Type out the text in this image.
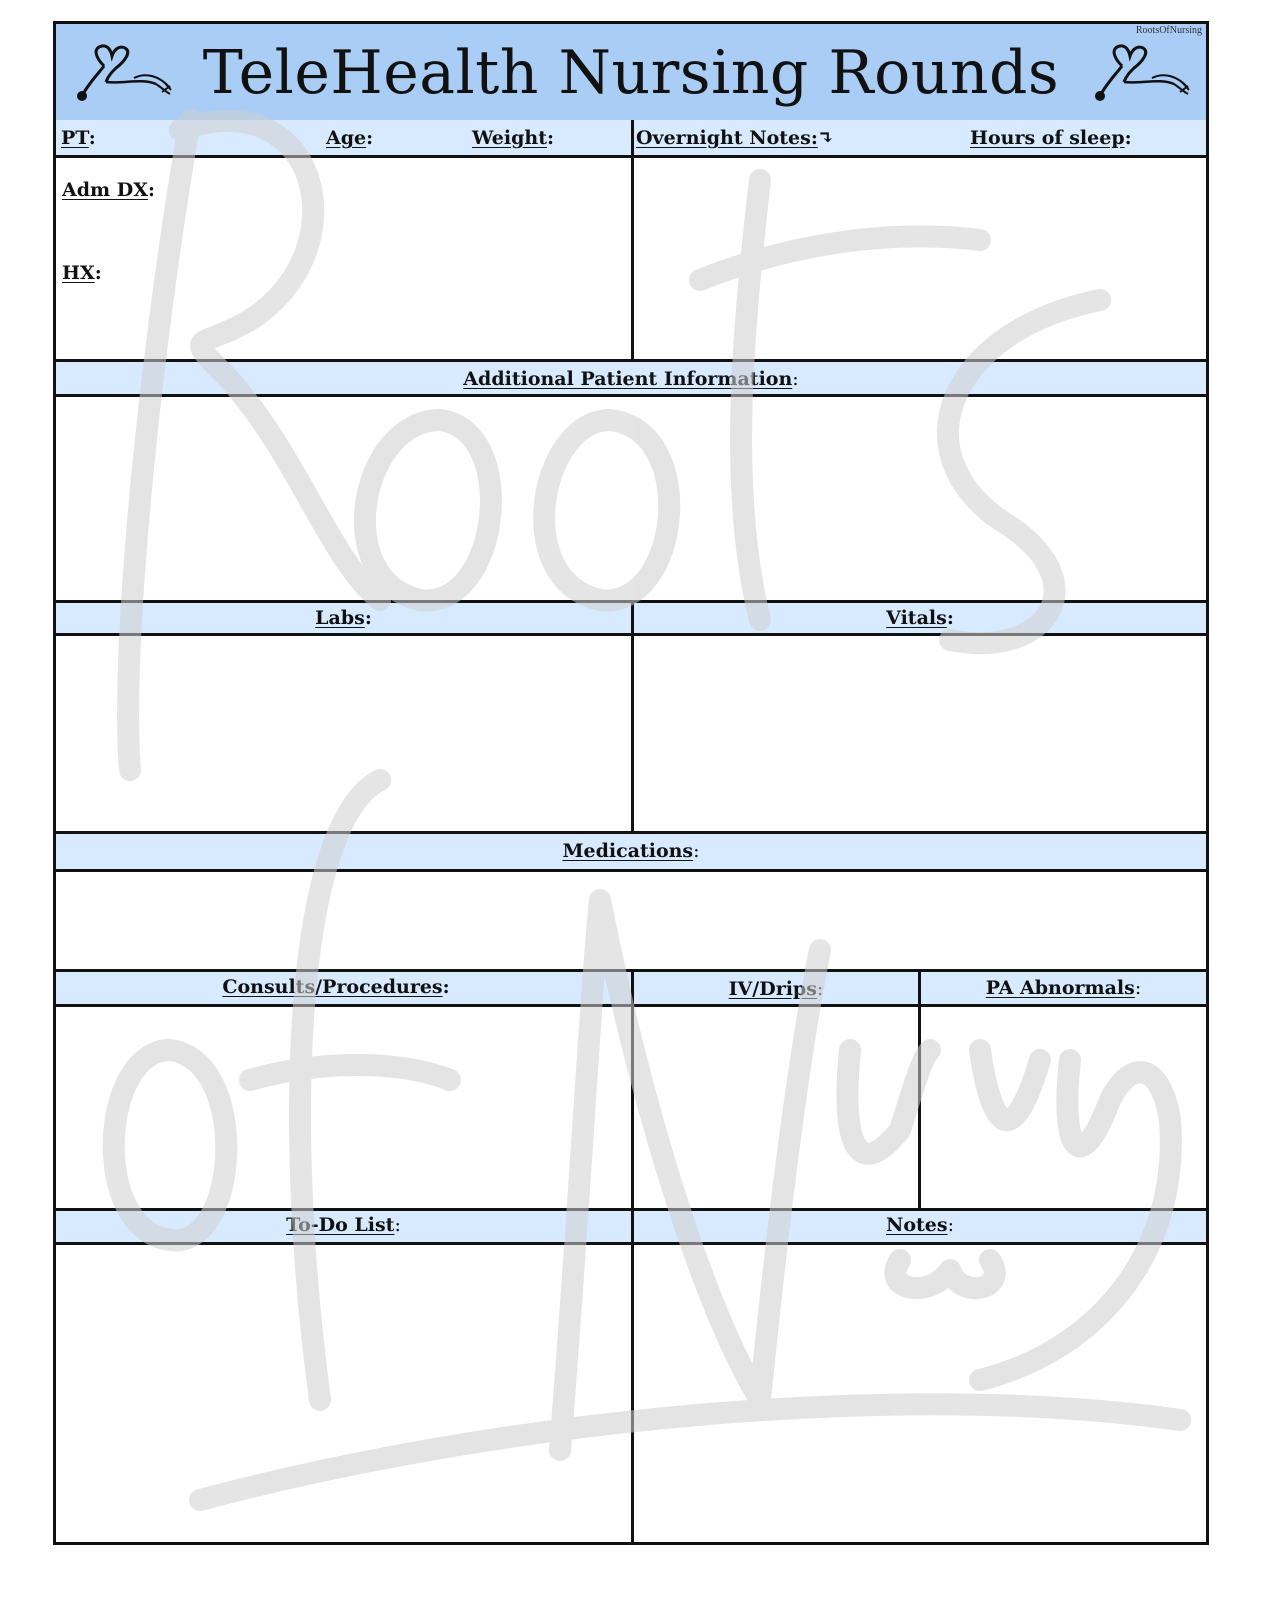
RootsOfNursing
TeleHealth Nursing Rounds
PT:	Age:	Weight:	Overnight Notes:↴	Hours of sleep:
Adm DX:
HX:
Additional Patient Information:
Labs:	Vitals:
Medications:
Consults/Procedures:	IV/Drips:	PA Abnormals:
To-Do List:	Notes:
